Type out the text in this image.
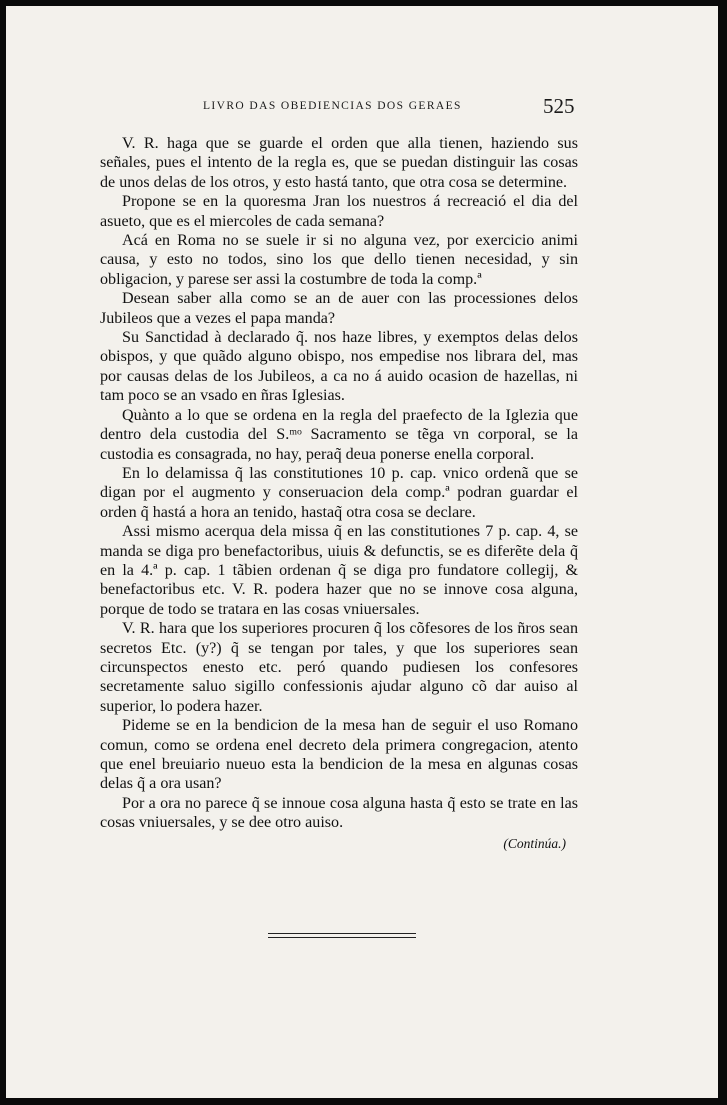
LIVRO DAS OBEDIENCIAS DOS GERAES	525

V. R. haga que se guarde el orden que alla tienen, haziendo sus señales, pues el intento de la regla es, que se puedan distinguir las cosas de unos delas de los otros, y esto hastá tanto, que otra cosa se determine.

Propone se en la quoresma Jran los nuestros á recreació el dia del asueto, que es el miercoles de cada semana?

Acá en Roma no se suele ir si no alguna vez, por exercicio animi causa, y esto no todos, sino los que dello tienen necesidad, y sin obligacion, y parese ser assi la costumbre de toda la comp.ª

Desean saber alla como se an de auer con las processiones delos Jubileos que a vezes el papa manda?

Su Sanctidad à declarado q̃. nos haze libres, y exemptos delas delos obispos, y que quãdo alguno obispo, nos empedise nos librara del, mas por causas delas de los Jubileos, a ca no á auido ocasion de hazellas, ni tam poco se an vsado en ñras Iglesias.

Quànto a lo que se ordena en la regla del praefecto de la Iglezia que dentro dela custodia del S.ᵐᵒ Sacramento se tẽga vn corporal, se la custodia es consagrada, no hay, peraq̃ deua ponerse enella corporal.

En lo delamissa q̃ las constitutiones 10 p. cap. vnico ordenã que se digan por el augmento y conseruacion dela comp.ª podran guardar el orden q̃ hastá a hora an tenido, hastaq̃ otra cosa se declare.

Assi mismo acerqua dela missa q̃ en las constitutiones 7 p. cap. 4, se manda se diga pro benefactoribus, uiuis & defunctis, se es diferẽte dela q̃ en la 4.ª p. cap. 1 tãbien ordenan q̃ se diga pro fundatore collegij, & benefactoribus etc. V. R. podera hazer que no se innove cosa alguna, porque de todo se tratara en las cosas vniuersales.

V. R. hara que los superiores procuren q̃ los cõfesores de los ñros sean secretos Etc. (y?) q̃ se tengan por tales, y que los superiores sean circunspectos enesto etc. peró quando pudiesen los confesores secretamente saluo sigillo confessionis ajudar alguno cõ dar auiso al superior, lo podera hazer.

Pideme se en la bendicion de la mesa han de seguir el uso Romano comun, como se ordena enel decreto dela primera congregacion, atento que enel breuiario nueuo esta la bendicion de la mesa en algunas cosas delas q̃ a ora usan?

Por a ora no parece q̃ se innoue cosa alguna hasta q̃ esto se trate en las cosas vniuersales, y se dee otro auiso.

(Continúa.)
